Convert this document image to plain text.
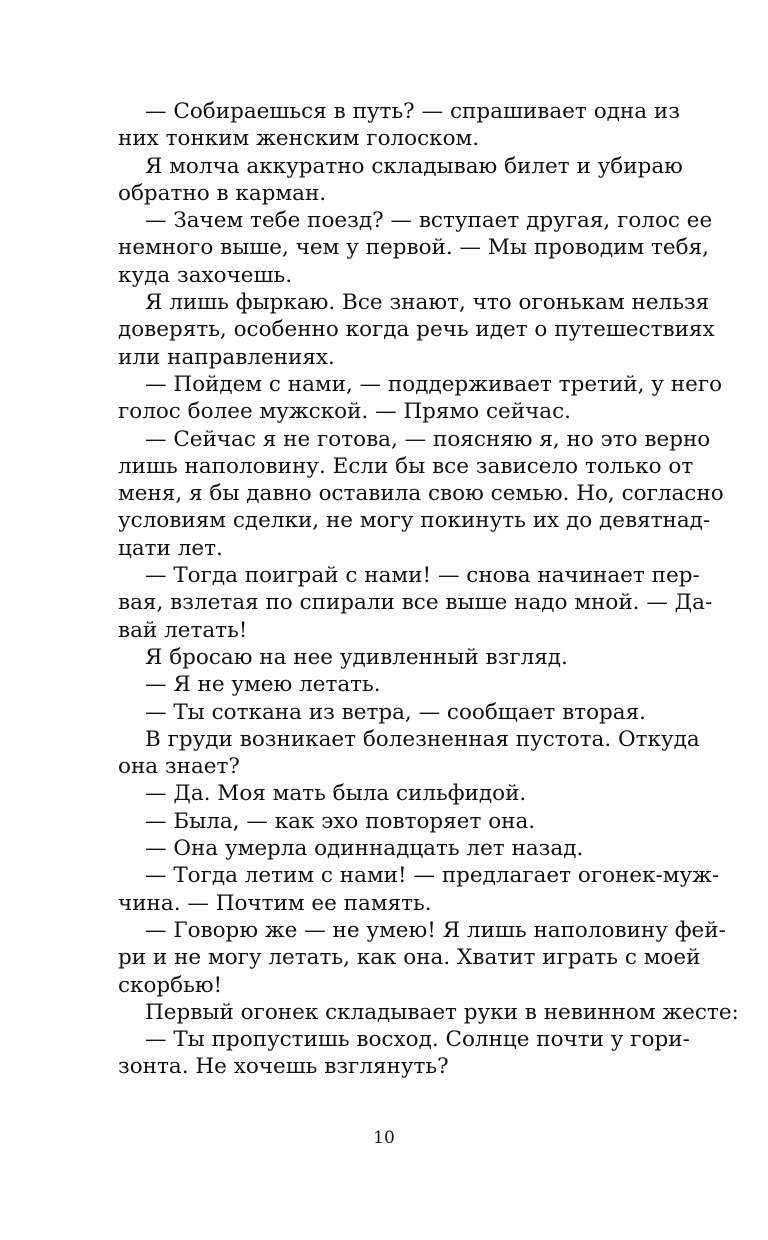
— Собираешься в путь? — спрашивает одна из
них тонким женским голоском.
Я молча аккуратно складываю билет и убираю
обратно в карман.
— Зачем тебе поезд? — вступает другая, голос ее
немного выше, чем у первой. — Мы проводим тебя,
куда захочешь.
Я лишь фыркаю. Все знают, что огонькам нельзя
доверять, особенно когда речь идет о путешествиях
или направлениях.
— Пойдем с нами, — поддерживает третий, у него
голос более мужской. — Прямо сейчас.
— Сейчас я не готова, — поясняю я, но это верно
лишь наполовину. Если бы все зависело только от
меня, я бы давно оставила свою семью. Но, согласно
условиям сделки, не могу покинуть их до девятнад-
цати лет.
— Тогда поиграй с нами! — снова начинает пер-
вая, взлетая по спирали все выше надо мной. — Да-
вай летать!
Я бросаю на нее удивленный взгляд.
— Я не умею летать.
— Ты соткана из ветра, — сообщает вторая.
В груди возникает болезненная пустота. Откуда
она знает?
— Да. Моя мать была сильфидой.
— Была, — как эхо повторяет она.
— Она умерла одиннадцать лет назад.
— Тогда летим с нами! — предлагает огонек-муж-
чина. — Почтим ее память.
— Говорю же — не умею! Я лишь наполовину фей-
ри и не могу летать, как она. Хватит играть с моей
скорбью!
Первый огонек складывает руки в невинном жесте:
— Ты пропустишь восход. Солнце почти у гори-
зонта. Не хочешь взглянуть?
10
